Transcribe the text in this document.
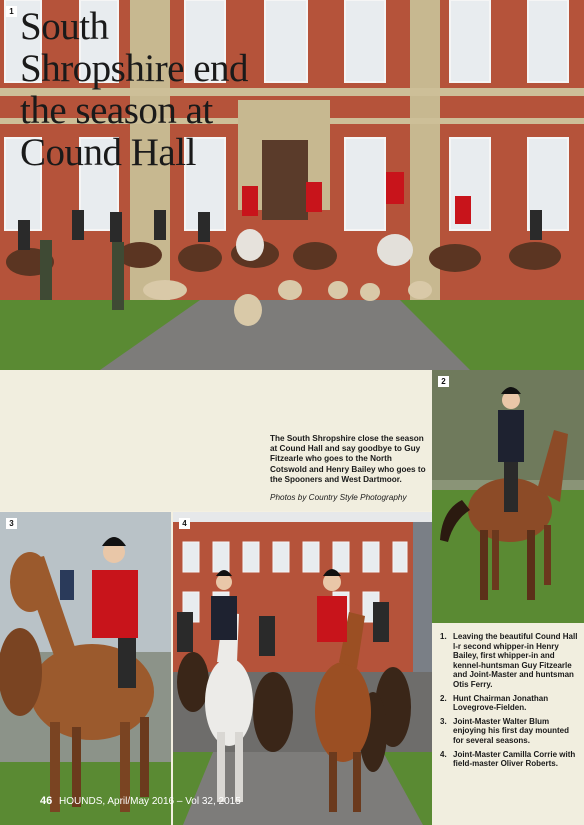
1 South Shropshire end the season at Cound Hall

The South Shropshire close the season at Cound Hall and say goodbye to Guy Fitzearle who goes to the North Cotswold and Henry Bailey who goes to the Spooners and West Dartmoor.

Photos by Country Style Photography

2
3	4
1. Leaving the beautiful Cound Hall l-r second whipper-in Henry Bailey, first whipper-in and kennel-huntsman Guy Fitzearle and Joint-Master and huntsman Otis Ferry.
2. Hunt Chairman Jonathan Lovegrove-Fielden.
3. Joint-Master Walter Blum enjoying his first day mounted for several seasons.
4. Joint-Master Camilla Corrie with field-master Oliver Roberts.
46 HOUNDS, April/May 2016 – Vol 32, 2015
